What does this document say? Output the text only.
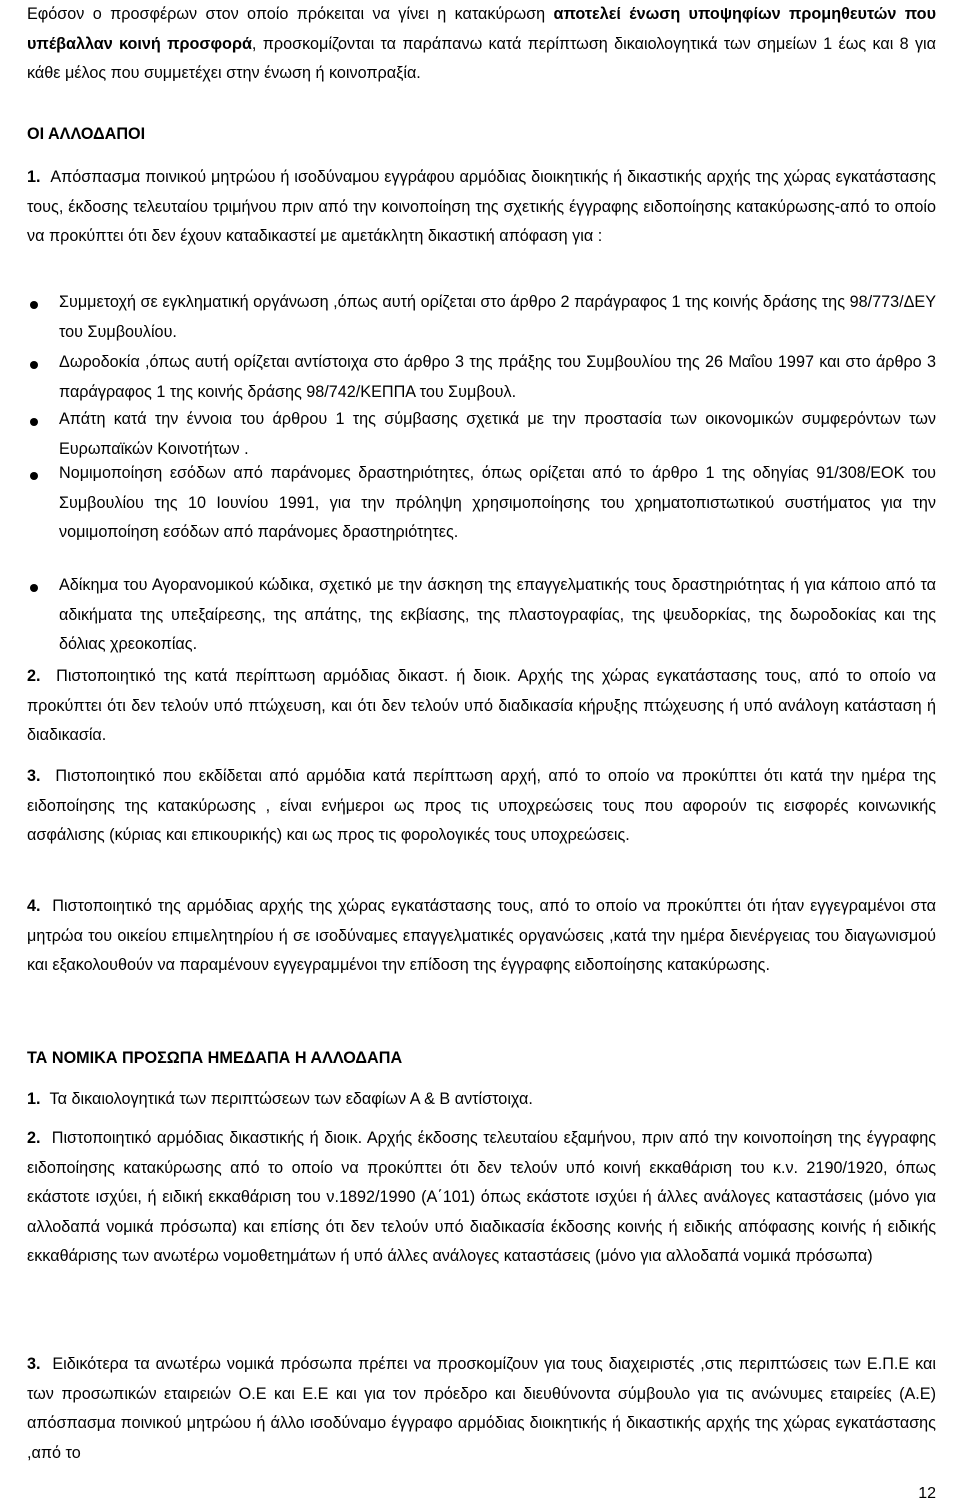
Εφόσον ο προσφέρων στον οποίο πρόκειται να γίνει η κατακύρωση αποτελεί ένωση υποψηφίων προμηθευτών που υπέβαλλαν κοινή προσφορά, προσκομίζονται τα παράπανω κατά περίπτωση δικαιολογητικά των σημείων 1 έως και 8 για κάθε μέλος που συμμετέχει στην ένωση ή κοινοπραξία.
ΟΙ ΑΛΛΟΔΑΠΟΙ
1. Απόσπασμα ποινικού μητρώου ή ισοδύναμου εγγράφου αρμόδιας διοικητικής ή δικαστικής αρχής της χώρας εγκατάστασης τους, έκδοσης τελευταίου τριμήνου πριν από την κοινοποίηση της σχετικής έγγραφης ειδοποίησης κατακύρωσης-από το οποίο να προκύπτει ότι δεν έχουν καταδικαστεί με αμετάκλητη δικαστική απόφαση για :
Συμμετοχή σε εγκληματική οργάνωση ,όπως αυτή ορίζεται στο άρθρο 2 παράγραφος 1 της κοινής δράσης της 98/773/ΔΕΥ του Συμβουλίου.
Δωροδοκία ,όπως αυτή ορίζεται αντίστοιχα στο άρθρο 3 της πράξης του Συμβουλίου της 26 Μαΐου 1997 και στο άρθρο 3 παράγραφος 1 της κοινής δράσης 98/742/ΚΕΠΠΑ του Συμβουλ.
Απάτη κατά την έννοια του άρθρου 1 της σύμβασης σχετικά με την προστασία των οικονομικών συμφερόντων των Ευρωπαϊκών Κοινοτήτων .
Νομιμοποίηση εσόδων από παράνομες δραστηριότητες, όπως ορίζεται από το άρθρο 1 της οδηγίας 91/308/ΕΟΚ του Συμβουλίου της 10 Ιουνίου 1991, για την πρόληψη χρησιμοποίησης του χρηματοπιστωτικού συστήματος για την νομιμοποίηση εσόδων από παράνομες δραστηριότητες.
Αδίκημα του Αγορανομικού κώδικα, σχετικό με την άσκηση της επαγγελματικής τους δραστηριότητας ή για κάποιο από τα αδικήματα της υπεξαίρεσης, της απάτης, της εκβίασης, της πλαστογραφίας, της ψευδορκίας, της δωροδοκίας και της δόλιας χρεοκοπίας.
2. Πιστοποιητικό της κατά περίπτωση αρμόδιας δικαστ. ή διοικ. Αρχής της χώρας εγκατάστασης τους, από το οποίο να προκύπτει ότι δεν τελούν υπό πτώχευση, και ότι δεν τελούν υπό διαδικασία κήρυξης πτώχευσης ή υπό ανάλογη κατάσταση ή διαδικασία.
3. Πιστοποιητικό που εκδίδεται από αρμόδια κατά περίπτωση αρχή, από το οποίο να προκύπτει ότι κατά την ημέρα της ειδοποίησης της κατακύρωσης , είναι ενήμεροι ως προς τις υποχρεώσεις τους που αφορούν τις εισφορές κοινωνικής ασφάλισης (κύριας και επικουρικής) και ως προς τις φορολογικές τους υποχρεώσεις.
4. Πιστοποιητικό της αρμόδιας αρχής της χώρας εγκατάστασης τους, από το οποίο να προκύπτει ότι ήταν εγγεγραμένοι στα μητρώα του οικείου επιμελητηρίου ή σε ισοδύναμες επαγγελματικές οργανώσεις ,κατά την ημέρα διενέργειας του διαγωνισμού και εξακολουθούν να παραμένουν εγγεγραμμένοι την επίδοση της έγγραφης ειδοποίησης κατακύρωσης.
ΤΑ ΝΟΜΙΚΑ ΠΡΟΣΩΠΑ ΗΜΕΔΑΠΑ Η ΑΛΛΟΔΑΠΑ
1. Τα δικαιολογητικά των περιπτώσεων των εδαφίων Α & Β αντίστοιχα.
2. Πιστοποιητικό αρμόδιας δικαστικής ή διοικ. Αρχής έκδοσης τελευταίου εξαμήνου, πριν από την κοινοποίηση της έγγραφης ειδοποίησης κατακύρωσης από το οποίο να προκύπτει ότι δεν τελούν υπό κοινή εκκαθάριση του κ.ν. 2190/1920, όπως εκάστοτε ισχύει, ή ειδική εκκαθάριση του ν.1892/1990 (Α΄101) όπως εκάστοτε ισχύει ή άλλες ανάλογες καταστάσεις (μόνο για αλλοδαπά νομικά πρόσωπα) και επίσης ότι δεν τελούν υπό διαδικασία έκδοσης κοινής ή ειδικής απόφασης κοινής ή ειδικής εκκαθάρισης των ανωτέρω νομοθετημάτων ή υπό άλλες ανάλογες καταστάσεις (μόνο για αλλοδαπά νομικά πρόσωπα)
3. Ειδικότερα τα ανωτέρω νομικά πρόσωπα πρέπει να προσκομίζουν για τους διαχειριστές ,στις περιπτώσεις των Ε.Π.Ε και των προσωπικών εταιρειών Ο.Ε και Ε.Ε και για τον πρόεδρο και διευθύνοντα σύμβουλο για τις ανώνυμες εταιρείες (Α.Ε) απόσπασμα ποινικού μητρώου ή άλλο ισοδύναμο έγγραφο αρμόδιας διοικητικής ή δικαστικής αρχής της χώρας εγκατάστασης ,από το
12
